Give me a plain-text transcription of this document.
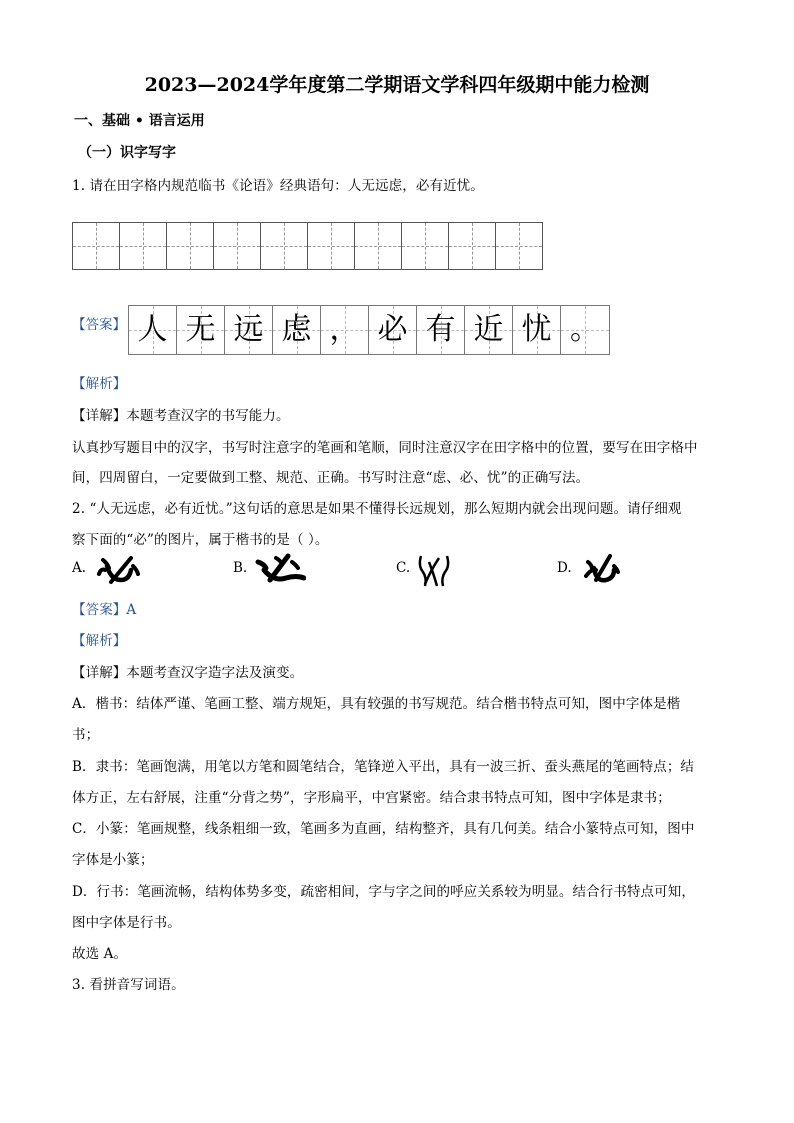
2023—2024学年度第二学期语文学科四年级期中能力检测
一、基础 • 语言运用
（一）识字写字
1. 请在田字格内规范临书《论语》经典语句：人无远虑，必有近忧。
【答案】 人 无 远 虑 ， 必 有 近 忧 。
【解析】
【详解】本题考查汉字的书写能力。
认真抄写题目中的汉字，书写时注意字的笔画和笔顺，同时注意汉字在田字格中的位置，要写在田字格中
间，四周留白，一定要做到工整、规范、正确。书写时注意“虑、必、忧”的正确写法。
2. “人无远虑，必有近忧。”这句话的意思是如果不懂得长远规划，那么短期内就会出现问题。请仔细观
察下面的“必”的图片，属于楷书的是（ ）。
A.	B.	C.	D.
【答案】A
【解析】
【详解】本题考查汉字造字法及演变。
A．楷书：结体严谨、笔画工整、端方规矩，具有较强的书写规范。结合楷书特点可知，图中字体是楷
书；
B．隶书：笔画饱满，用笔以方笔和圆笔结合，笔锋逆入平出，具有一波三折、蚕头燕尾的笔画特点；结
体方正，左右舒展，注重“分背之势”，字形扁平，中宫紧密。结合隶书特点可知，图中字体是隶书；
C．小篆：笔画规整，线条粗细一致，笔画多为直画，结构整齐，具有几何美。结合小篆特点可知，图中
字体是小篆；
D．行书：笔画流畅，结构体势多变，疏密相间，字与字之间的呼应关系较为明显。结合行书特点可知，
图中字体是行书。
故选 A。
3. 看拼音写词语。
